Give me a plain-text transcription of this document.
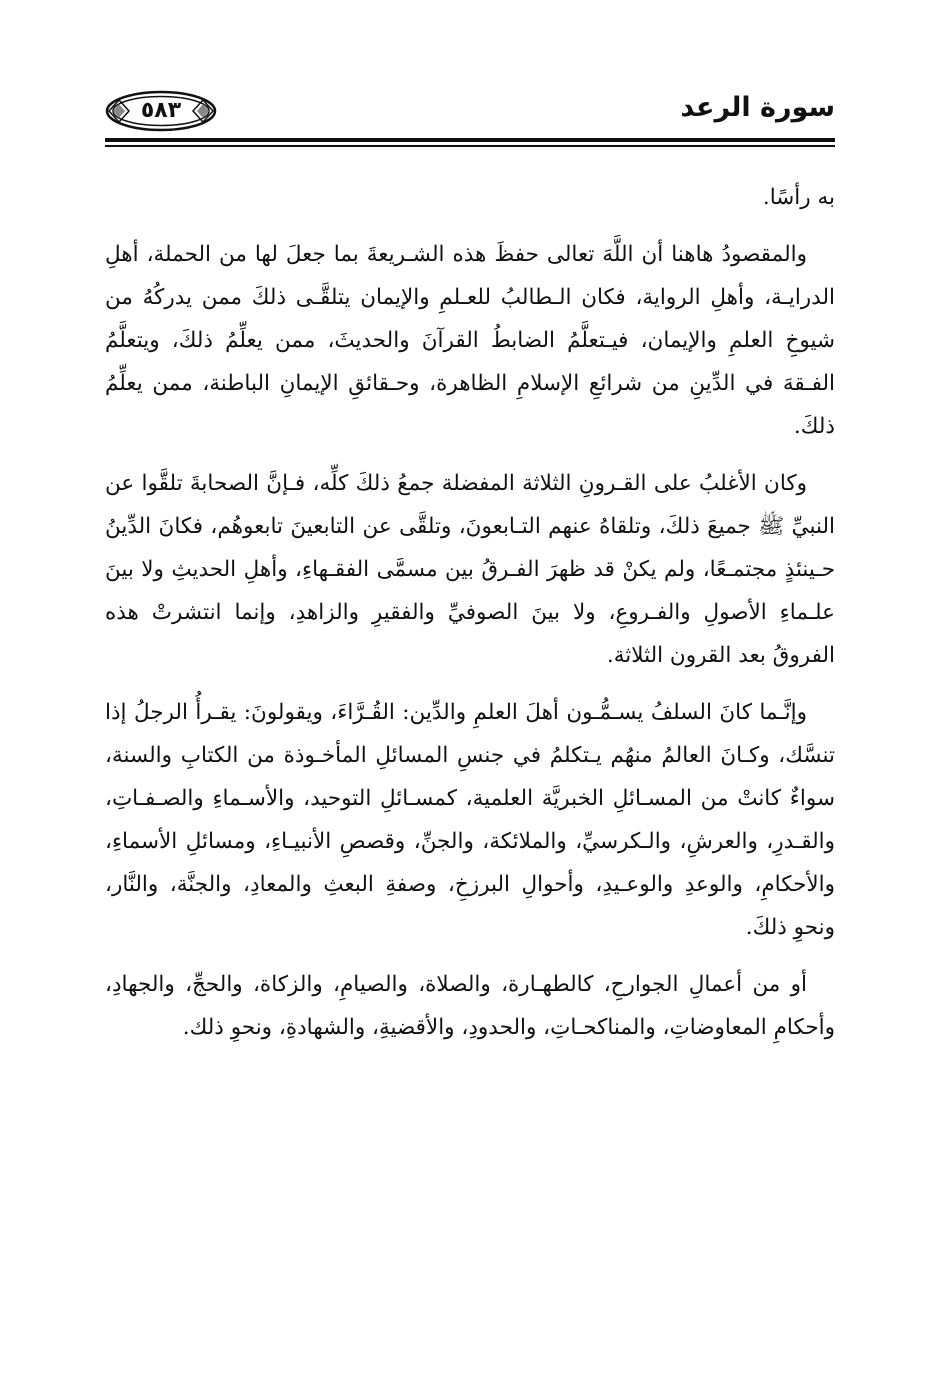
٥٨٣	سورة الرعد

به رأسًا.

والمقصودُ هاهنا أن اللَّهَ تعالى حفظَ هذه الشـريعةَ بما جعلَ لها من الحملة، أهلِ الدرايـة، وأهلِ الرواية، فكان الـطالبُ للعـلمِ والإيمان يتلقَّـى ذلكَ ممن يدركُهُ من شيوخِ العلمِ والإيمان، فيـتعلَّمُ الضابطُ القرآنَ والحديثَ، ممن يعلِّمُ ذلكَ، ويتعلَّمُ الفـقهَ في الدِّينِ من شرائعِ الإسلامِ الظاهرة، وحـقائقِ الإيمانِ الباطنة، ممن يعلِّمُ ذلكَ.

وكان الأغلبُ على القـرونِ الثلاثة المفضلة جمعُ ذلكَ كلِّه، فـإنَّ الصحابةَ تلقَّوا عن النبيِّ ﷺ جميعَ ذلكَ، وتلقاهُ عنهم التـابعونَ، وتلقَّى عن التابعينَ تابعوهُم، فكانَ الدِّينُ حـينئذٍ مجتمـعًا، ولم يكنْ قد ظهرَ الفـرقُ بين مسمَّى الفقـهاءِ، وأهلِ الحديثِ ولا بينَ علـماءِ الأصولِ والفـروعِ، ولا بينَ الصوفيِّ والفقيرِ والزاهدِ، وإنما انتشرتْ هذه الفروقُ بعد القرون الثلاثة.

وإنَّـما كانَ السلفُ يسـمُّـون أهلَ العلمِ والدِّين: القُـرَّاءَ، ويقولونَ: يقـرأُ الرجلُ إذا تنسَّك، وكـانَ العالمُ منهُم يـتكلمُ في جنسِ المسائلِ المأخـوذة من الكتابِ والسنة، سواءٌ كانتْ من المسـائلِ الخبريَّة العلمية، كمسـائلِ التوحيد، والأسـماءِ والصـفـاتِ، والقـدرِ، والعرشِ، والـكرسيِّ، والملائكة، والجنِّ، وقصصِ الأنبيـاءِ، ومسائلِ الأسماءِ، والأحكامِ، والوعدِ والوعـيدِ، وأحوالِ البرزخِ، وصفةِ البعثِ والمعادِ، والجنَّة، والنَّار، ونحوِ ذلكَ.

أو من أعمالِ الجوارحِ، كالطهـارة، والصلاة، والصيامِ، والزكاة، والحجِّ، والجهادِ، وأحكامِ المعاوضاتِ، والمناكحـاتِ، والحدودِ، والأقضيةِ، والشهادةِ، ونحوِ ذلك.
